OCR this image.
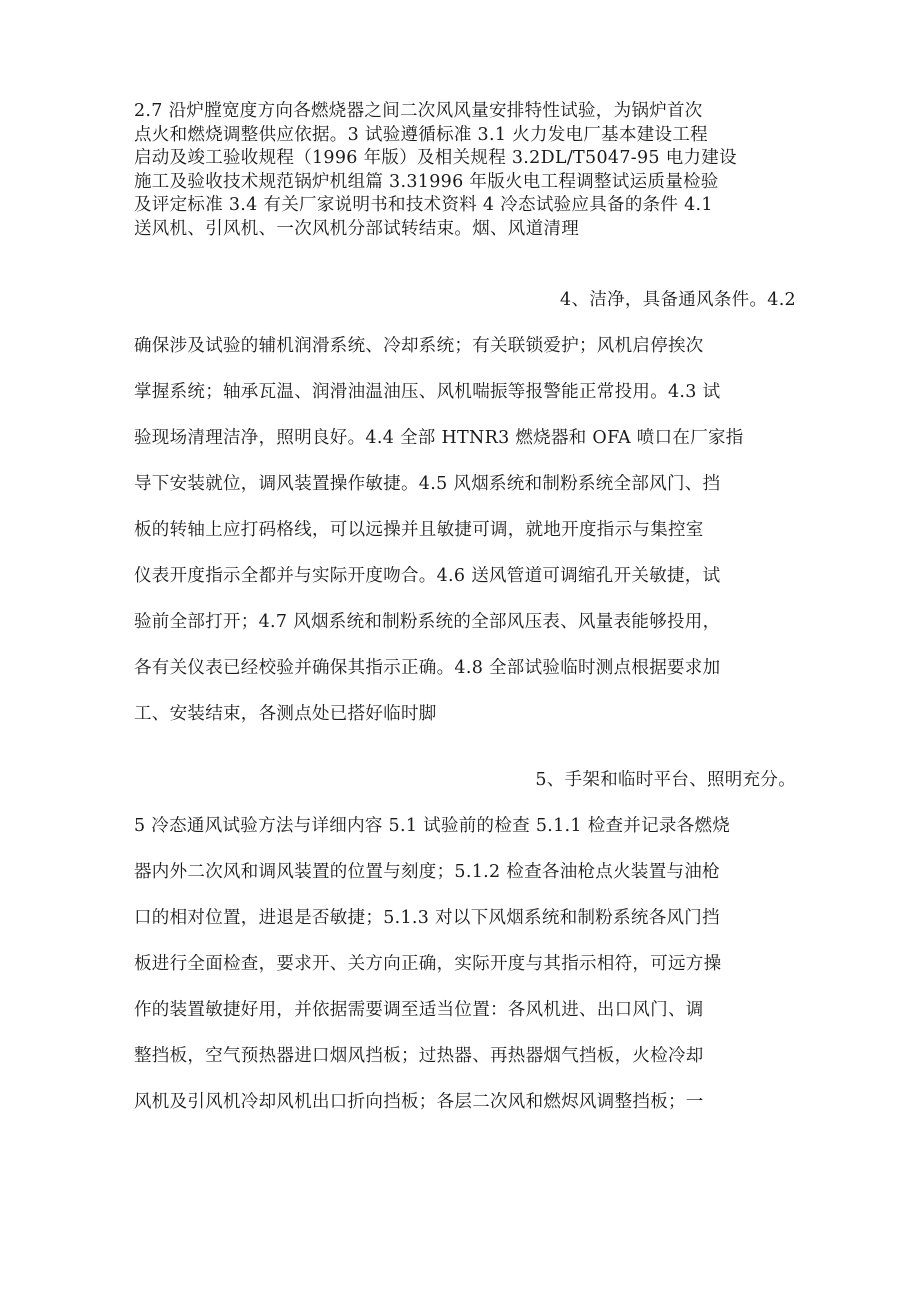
2.7 沿炉膛宽度方向各燃烧器之间二次风风量安排特性试验，为锅炉首次
点火和燃烧调整供应依据。3 试验遵循标准 3.1 火力发电厂基本建设工程
启动及竣工验收规程（1996 年版）及相关规程 3.2DL/T5047-95 电力建设
施工及验收技术规范锅炉机组篇 3.31996 年版火电工程调整试运质量检验
及评定标准 3.4 有关厂家说明书和技术资料 4 冷态试验应具备的条件 4.1
送风机、引风机、一次风机分部试转结束。烟、风道清理
4、洁净，具备通风条件。4.2
确保涉及试验的辅机润滑系统、冷却系统；有关联锁爱护；风机启停挨次
掌握系统；轴承瓦温、润滑油温油压、风机喘振等报警能正常投用。4.3 试
验现场清理洁净，照明良好。4.4 全部 HTNR3 燃烧器和 OFA 喷口在厂家指
导下安装就位，调风装置操作敏捷。4.5 风烟系统和制粉系统全部风门、挡
板的转轴上应打码格线，可以远操并且敏捷可调，就地开度指示与集控室
仪表开度指示全都并与实际开度吻合。4.6 送风管道可调缩孔开关敏捷，试
验前全部打开；4.7 风烟系统和制粉系统的全部风压表、风量表能够投用，
各有关仪表已经校验并确保其指示正确。4.8 全部试验临时测点根据要求加
工、安装结束，各测点处已搭好临时脚
5、手架和临时平台、照明充分。
5 冷态通风试验方法与详细内容 5.1 试验前的检查 5.1.1 检查并记录各燃烧
器内外二次风和调风装置的位置与刻度；5.1.2 检查各油枪点火装置与油枪
口的相对位置，进退是否敏捷；5.1.3 对以下风烟系统和制粉系统各风门挡
板进行全面检查，要求开、关方向正确，实际开度与其指示相符，可远方操
作的装置敏捷好用，并依据需要调至适当位置：各风机进、出口风门、调
整挡板，空气预热器进口烟风挡板；过热器、再热器烟气挡板，火检冷却
风机及引风机冷却风机出口折向挡板；各层二次风和燃烬风调整挡板；一
